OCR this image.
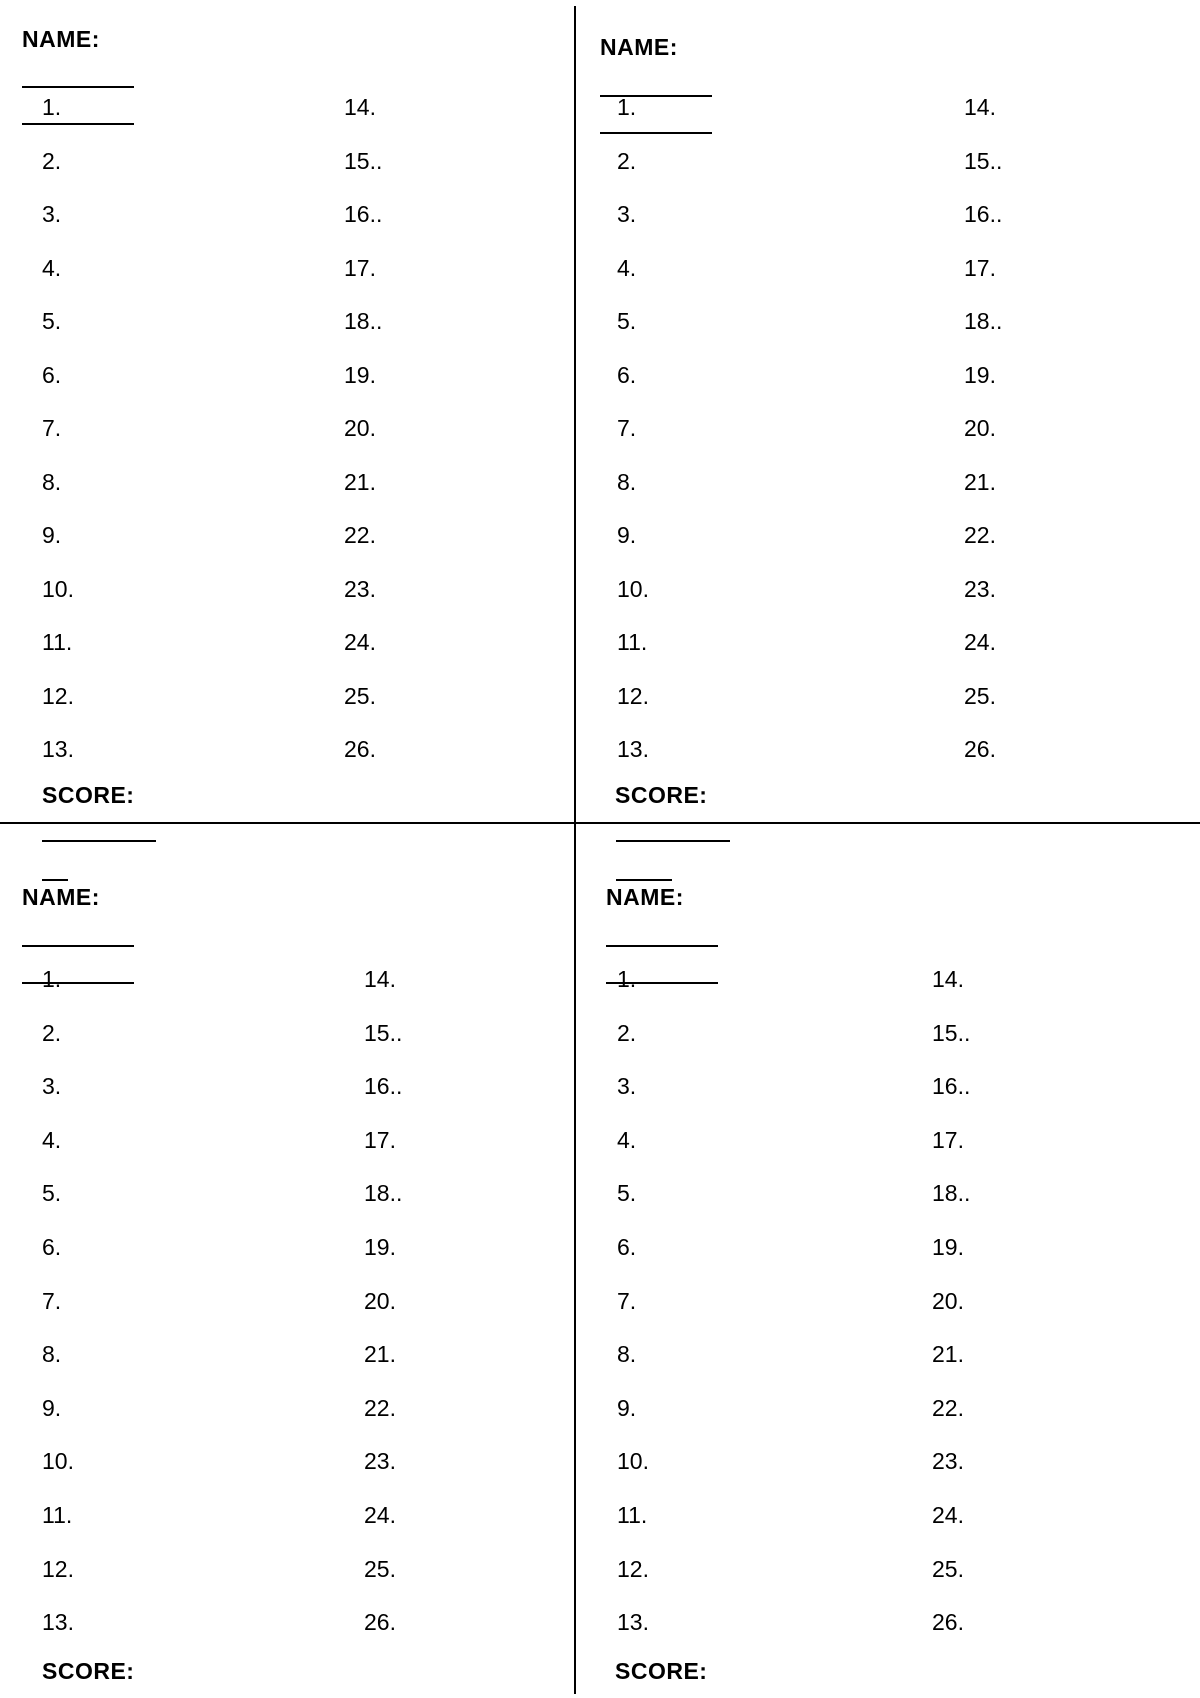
NAME:
SCORE:
1.
2.
3.
4.
5.
6.
7.
8.
9.
10.
11.
12.
13.
14.
15..
16..
17.
18..
19.
20.
21.
22.
23.
24.
25.
26.
NAME:
SCORE:
1.
2.
3.
4.
5.
6.
7.
8.
9.
10.
11.
12.
13.
14.
15..
16..
17.
18..
19.
20.
21.
22.
23.
24.
25.
26.
NAME:
SCORE:
1.
2.
3.
4.
5.
6.
7.
8.
9.
10.
11.
12.
13.
14.
15..
16..
17.
18..
19.
20.
21.
22.
23.
24.
25.
26.
NAME:
SCORE:
1.
2.
3.
4.
5.
6.
7.
8.
9.
10.
11.
12.
13.
14.
15..
16..
17.
18..
19.
20.
21.
22.
23.
24.
25.
26.
